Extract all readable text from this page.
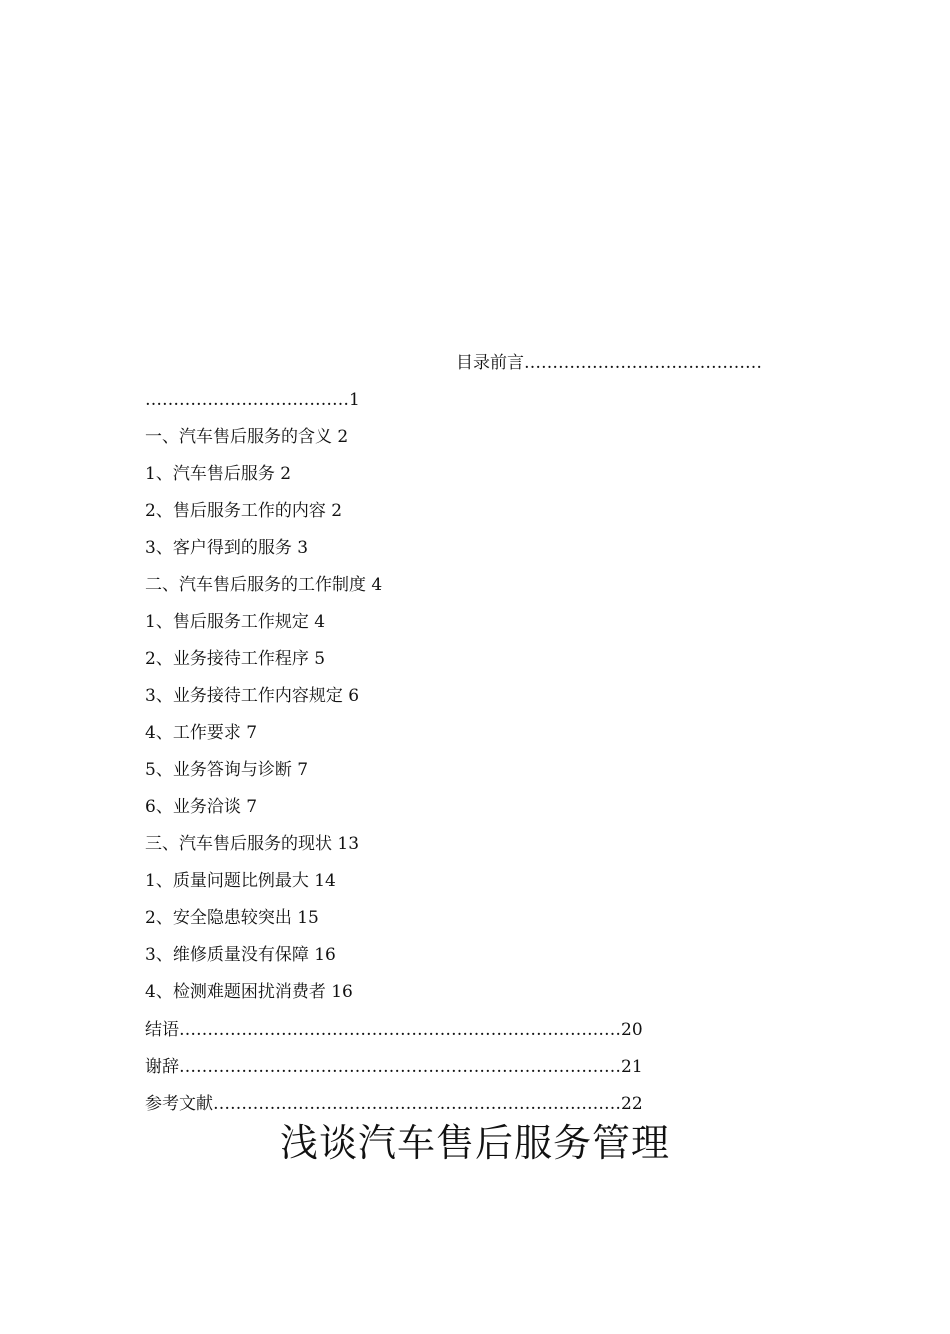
目录前言……………………………………
………………………………1
一、汽车售后服务的含义 2
1、汽车售后服务 2
2、售后服务工作的内容 2
3、客户得到的服务 3
二、汽车售后服务的工作制度 4
1、售后服务工作规定 4
2、业务接待工作程序 5
3、业务接待工作内容规定 6
4、工作要求 7
5、业务答询与诊断 7
6、业务洽谈 7
三、汽车售后服务的现状 13
1、质量问题比例最大 14
2、安全隐患较突出 15
3、维修质量没有保障 16
4、检测难题困扰消费者 16
结语……………………………………………………………………20
谢辞……………………………………………………………………21
参考文献………………………………………………………………22
浅谈汽车售后服务管理
